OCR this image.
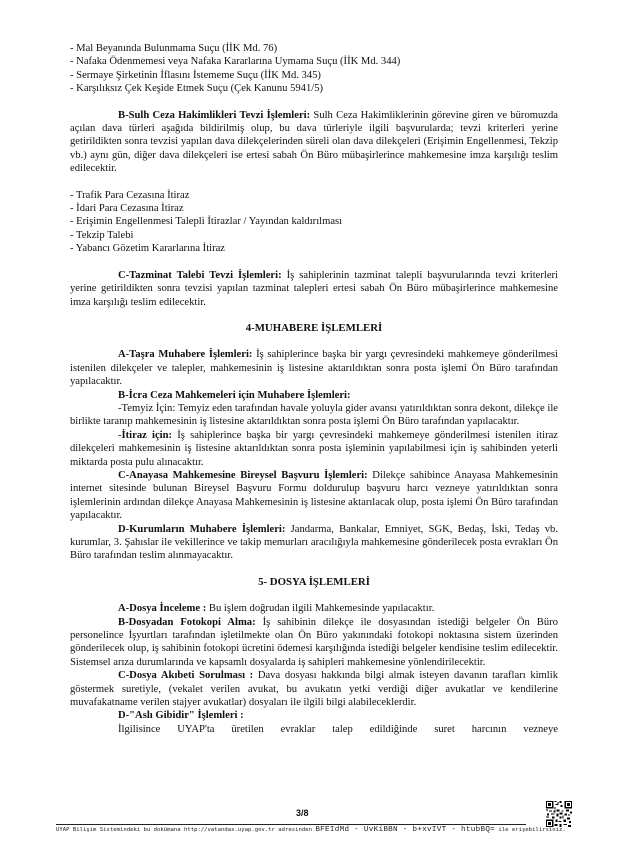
- Mal Beyanında Bulunmama Suçu (İİK Md. 76)
- Nafaka Ödenmemesi veya Nafaka Kararlarına Uymama Suçu (İİK Md. 344)
- Sermaye Şirketinin İflasını İstememe Suçu (İİK Md. 345)
- Karşılıksız Çek Keşide Etmek Suçu (Çek Kanunu 5941/5)
B-Sulh Ceza Hakimlikleri Tevzi İşlemleri: Sulh Ceza Hakimliklerinin görevine giren ve büromuzda açılan dava türleri aşağıda bildirilmiş olup, bu dava türleriyle ilgili başvurularda; tevzi kriterleri yerine getirildikten sonra tevzisi yapılan dava dilekçelerinden süreli olan dava dilekçeleri (Erişimin Engellenmesi, Tekzip vb.) aynı gün, diğer dava dilekçeleri ise ertesi sabah Ön Büro mübaşirlerince mahkemesine imza karşılığı teslim edilecektir.
- Trafik Para Cezasına İtiraz
- İdari Para Cezasına İtiraz
- Erişimin Engellenmesi Talepli İtirazlar / Yayından kaldırılması
- Tekzip Talebi
- Yabancı Gözetim Kararlarına İtiraz
C-Tazminat Talebi Tevzi İşlemleri: İş sahiplerinin tazminat talepli başvurularında tevzi kriterleri yerine getirildikten sonra tevzisi yapılan tazminat talepleri ertesi sabah Ön Büro mübaşirlerince mahkemesine imza karşılığı teslim edilecektir.
4-MUHABERE İŞLEMLERİ
A-Taşra Muhabere İşlemleri: İş sahiplerince başka bir yargı çevresindeki mahkemeye gönderilmesi istenilen dilekçeler ve talepler, mahkemesinin iş listesine aktarıldıktan sonra posta işlemi Ön Büro tarafından yapılacaktır.
B-İcra Ceza Mahkemeleri için Muhabere İşlemleri:
-Temyiz İçin: Temyiz eden tarafından havale yoluyla gider avansı yatırıldıktan sonra dekont, dilekçe ile birlikte taranıp mahkemesinin iş listesine aktarıldıktan sonra posta işlemi Ön Büro tarafından yapılacaktır.
-İtiraz için: İş sahiplerince başka bir yargı çevresindeki mahkemeye gönderilmesi istenilen itiraz dilekçeleri mahkemesinin iş listesine aktarıldıktan sonra posta işleminin yapılabilmesi için iş sahibinden yeterli miktarda posta pulu alınacaktır.
C-Anayasa Mahkemesine Bireysel Başvuru İşlemleri: Dilekçe sahibince Anayasa Mahkemesinin internet sitesinde bulunan Bireysel Başvuru Formu doldurulup başvuru harcı vezneye yatırıldıktan sonra işlemlerinin ardından dilekçe Anayasa Mahkemesinin iş listesine aktarılacak olup, posta işlemi Ön Büro tarafından yapılacaktır.
D-Kurumların Muhabere İşlemleri: Jandarma, Bankalar, Emniyet, SGK, Bedaş, İski, Tedaş vb. kurumlar, 3. Şahıslar ile vekillerince ve takip memurları aracılığıyla mahkemesine gönderilecek posta evrakları Ön Büro tarafından teslim alınmayacaktır.
5- DOSYA İŞLEMLERİ
A-Dosya İnceleme : Bu işlem doğrudan ilgili Mahkemesinde yapılacaktır.
B-Dosyadan Fotokopi Alma: İş sahibinin dilekçe ile dosyasından istediği belgeler Ön Büro personelince İşyurtları tarafından işletilmekte olan Ön Büro yakınındaki fotokopi noktasına sistem üzerinden gönderilecek olup, iş sahibinin fotokopi ücretini ödemesi karşılığında istediği belgeler kendisine teslim edilecektir. Sistemsel arıza durumlarında ve kapsamlı dosyalarda iş sahipleri mahkemesine yönlendirilecektir.
C-Dosya Akıbeti Sorulması : Dava dosyası hakkında bilgi almak isteyen davanın tarafları kimlik göstermek suretiyle, (vekalet verilen avukat, bu avukatın yetki verdiği diğer avukatlar ve kendilerine muvafakatname verilen stajyer avukatlar) dosyaları ile ilgili bilgi alabileceklerdir.
D-"Aslı Gibidir" İşlemleri :
İlgilisince UYAP'ta üretilen evraklar talep edildiğinde suret harcının vezneye
3/8
UYAP Bilişim Sistemindeki bu dokümana http://vatandas.uyap.gov.tr adresinden BFEIdMd - UvKiBBN - b+xvIVT - htubBQ= ile erişebilirsiniz.
